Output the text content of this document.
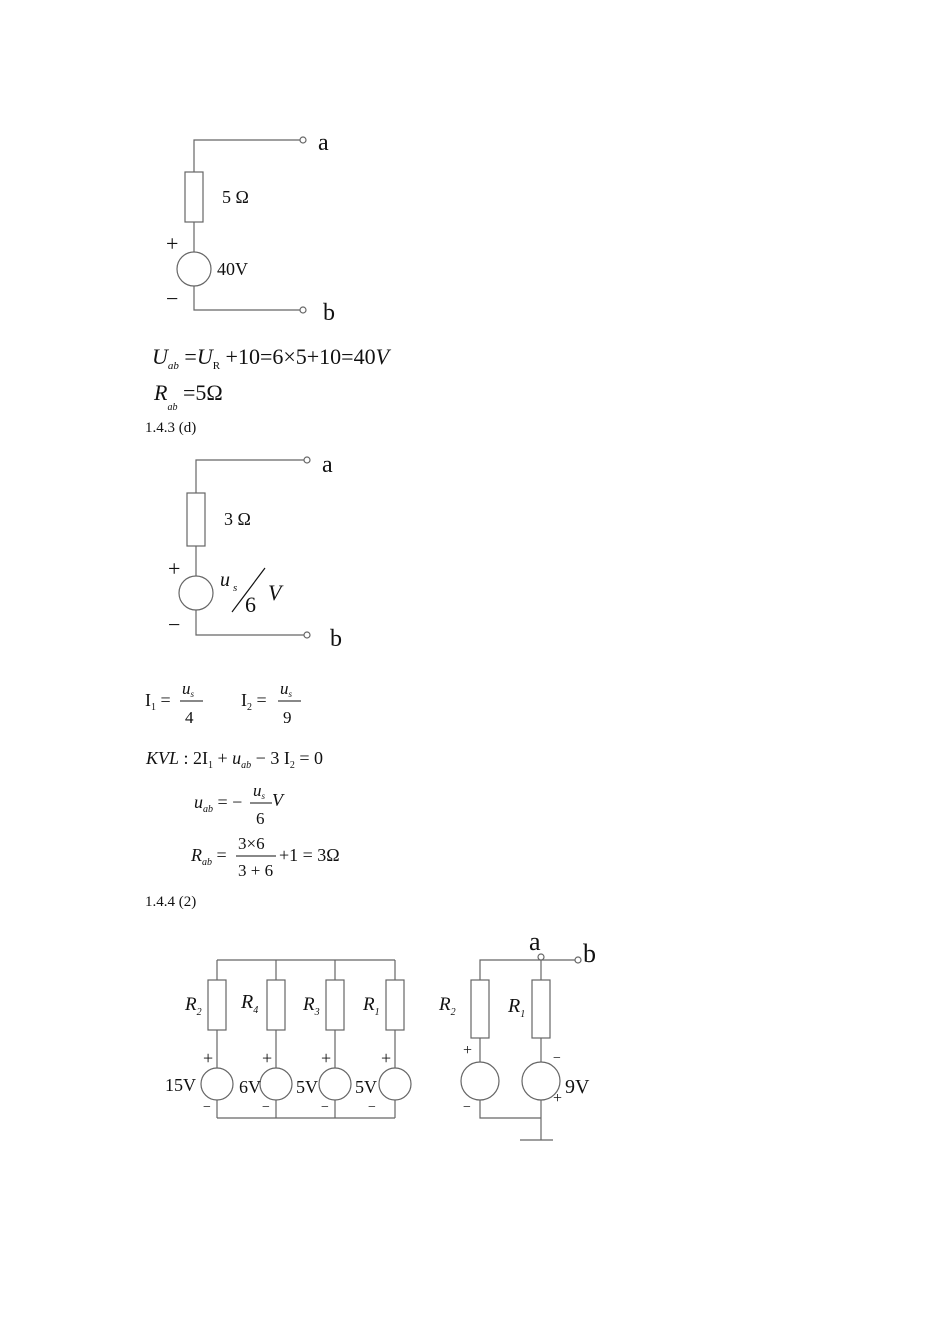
a
b
5 Ω
40V
+
−
$U_{ab} =U_R +10=6\times 5+10=40V$
$R_{ab} =5\Omega$
1.4.3 (d)
a
b
3 Ω
u s
6 V
+
−
$I_1$ =
us
4
$I_2$ =
us
9
KVL : $2I_1 + u_{ab} - 3$ $I_2 = 0$
$u_{ab}$ = −
us
6
V
$R_{ab}$ =
3×6
3 + 6
+1 = 3Ω
1.4.4 (2)
$R_2$
15V
+
−
$R_4$
6V
+
−
$R_3$
5V
+
−
$R_1$
5V
+
−
a b
$R_2$	$R_1$
+
−
−
+
9V
